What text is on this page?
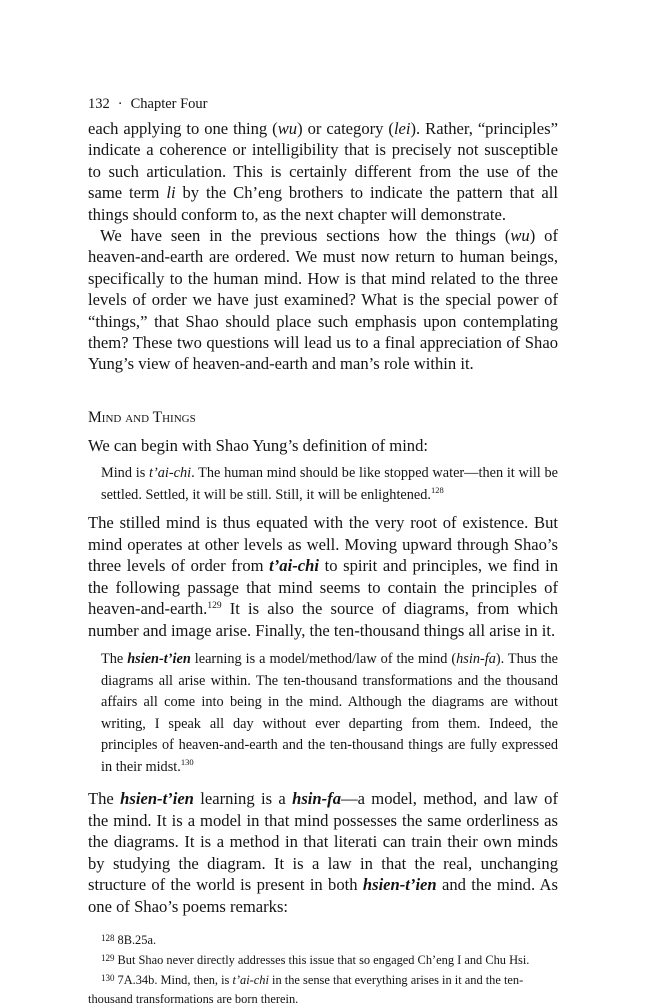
132 · Chapter Four

each applying to one thing (wu) or category (lei). Rather, “principles” indicate a coherence or intelligibility that is precisely not susceptible to such articulation. This is certainly different from the use of the same term li by the Ch’eng brothers to indicate the pattern that all things should conform to, as the next chapter will demonstrate.

We have seen in the previous sections how the things (wu) of heaven-and-earth are ordered. We must now return to human beings, specifically to the human mind. How is that mind related to the three levels of order we have just examined? What is the special power of “things,” that Shao should place such emphasis upon contemplating them? These two questions will lead us to a final appreciation of Shao Yung’s view of heaven-and-earth and man’s role within it.

Mind and Things

We can begin with Shao Yung’s definition of mind:

Mind is t’ai-chi. The human mind should be like stopped water—then it will be settled. Settled, it will be still. Still, it will be enlightened.$^{128}$

The stilled mind is thus equated with the very root of existence. But mind operates at other levels as well. Moving upward through Shao’s three levels of order from t’ai-chi to spirit and principles, we find in the following passage that mind seems to contain the principles of heaven-and-earth.$^{129}$ It is also the source of diagrams, from which number and image arise. Finally, the ten-thousand things all arise in it.

The hsien-t’ien learning is a model/method/law of the mind (hsin-fa). Thus the diagrams all arise within. The ten-thousand transformations and the thousand affairs all come into being in the mind. Although the diagrams are without writing, I speak all day without ever departing from them. Indeed, the principles of heaven-and-earth and the ten-thousand things are fully expressed in their midst.$^{130}$

The hsien-t’ien learning is a hsin-fa—a model, method, and law of the mind. It is a model in that mind possesses the same orderliness as the diagrams. It is a method in that literati can train their own minds by studying the diagram. It is a law in that the real, unchanging structure of the world is present in both hsien-t’ien and the mind. As one of Shao’s poems remarks:

$^{128}$ 8B.25a.
$^{129}$ But Shao never directly addresses this issue that so engaged Ch’eng I and Chu Hsi.
$^{130}$ 7A.34b. Mind, then, is t’ai-chi in the sense that everything arises in it and the ten-thousand transformations are born therein.
